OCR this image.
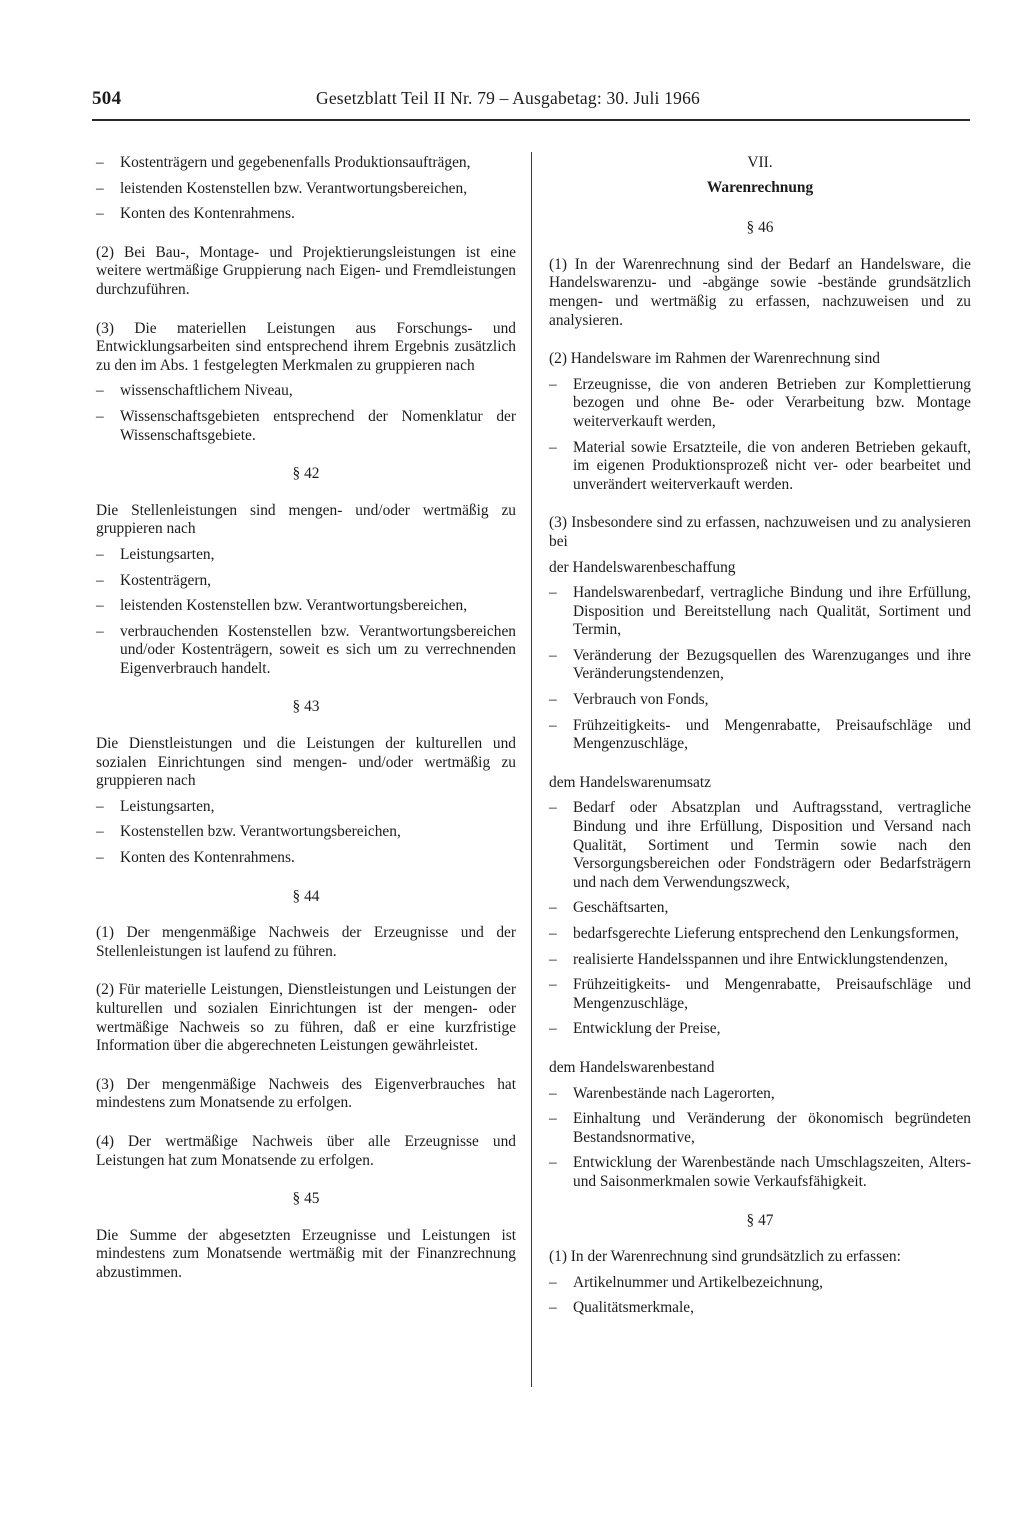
504	Gesetzblatt Teil II Nr. 79 – Ausgabetag: 30. Juli 1966

– Kostenträgern und gegebenenfalls Produktionsaufträgen,

– leistenden Kostenstellen bzw. Verantwortungsbereichen,

– Konten des Kontenrahmens.

(2) Bei Bau-, Montage- und Projektierungsleistungen ist eine weitere wertmäßige Gruppierung nach Eigen- und Fremdleistungen durchzuführen.

(3) Die materiellen Leistungen aus Forschungs- und Entwicklungsarbeiten sind entsprechend ihrem Ergebnis zusätzlich zu den im Abs. 1 festgelegten Merkmalen zu gruppieren nach

– wissenschaftlichem Niveau,

– Wissenschaftsgebieten entsprechend der Nomenklatur der Wissenschaftsgebiete.

§ 42

Die Stellenleistungen sind mengen- und/oder wertmäßig zu gruppieren nach

– Leistungsarten,

– Kostenträgern,

– leistenden Kostenstellen bzw. Verantwortungsbereichen,

– verbrauchenden Kostenstellen bzw. Verantwortungsbereichen und/oder Kostenträgern, soweit es sich um zu verrechnenden Eigenverbrauch handelt.

§ 43

Die Dienstleistungen und die Leistungen der kulturellen und sozialen Einrichtungen sind mengen- und/oder wertmäßig zu gruppieren nach

– Leistungsarten,

– Kostenstellen bzw. Verantwortungsbereichen,

– Konten des Kontenrahmens.

§ 44

(1) Der mengenmäßige Nachweis der Erzeugnisse und der Stellenleistungen ist laufend zu führen.

(2) Für materielle Leistungen, Dienstleistungen und Leistungen der kulturellen und sozialen Einrichtungen ist der mengen- oder wertmäßige Nachweis so zu führen, daß er eine kurzfristige Information über die abgerechneten Leistungen gewährleistet.

(3) Der mengenmäßige Nachweis des Eigenverbrauches hat mindestens zum Monatsende zu erfolgen.

(4) Der wertmäßige Nachweis über alle Erzeugnisse und Leistungen hat zum Monatsende zu erfolgen.

§ 45

Die Summe der abgesetzten Erzeugnisse und Leistungen ist mindestens zum Monatsende wertmäßig mit der Finanzrechnung abzustimmen.

VII.

Warenrechnung

§ 46

(1) In der Warenrechnung sind der Bedarf an Handelsware, die Handelswarenzu- und -abgänge sowie -bestände grundsätzlich mengen- und wertmäßig zu erfassen, nachzuweisen und zu analysieren.

(2) Handelsware im Rahmen der Warenrechnung sind

– Erzeugnisse, die von anderen Betrieben zur Komplettierung bezogen und ohne Be- oder Verarbeitung bzw. Montage weiterverkauft werden,

– Material sowie Ersatzteile, die von anderen Betrieben gekauft, im eigenen Produktionsprozeß nicht ver- oder bearbeitet und unverändert weiterverkauft werden.

(3) Insbesondere sind zu erfassen, nachzuweisen und zu analysieren bei

der Handelswarenbeschaffung

– Handelswarenbedarf, vertragliche Bindung und ihre Erfüllung, Disposition und Bereitstellung nach Qualität, Sortiment und Termin,

– Veränderung der Bezugsquellen des Warenzuganges und ihre Veränderungstendenzen,

– Verbrauch von Fonds,

– Frühzeitigkeits- und Mengenrabatte, Preisaufschläge und Mengenzuschläge,

dem Handelswarenumsatz

– Bedarf oder Absatzplan und Auftragsstand, vertragliche Bindung und ihre Erfüllung, Disposition und Versand nach Qualität, Sortiment und Termin sowie nach den Versorgungsbereichen oder Fondsträgern oder Bedarfsträgern und nach dem Verwendungszweck,

– Geschäftsarten,

– bedarfsgerechte Lieferung entsprechend den Lenkungsformen,

– realisierte Handelsspannen und ihre Entwicklungstendenzen,

– Frühzeitigkeits- und Mengenrabatte, Preisaufschläge und Mengenzuschläge,

– Entwicklung der Preise,

dem Handelswarenbestand

– Warenbestände nach Lagerorten,

– Einhaltung und Veränderung der ökonomisch begründeten Bestandsnormative,

– Entwicklung der Warenbestände nach Umschlagszeiten, Alters- und Saisonmerkmalen sowie Verkaufsfähigkeit.

§ 47

(1) In der Warenrechnung sind grundsätzlich zu erfassen:

– Artikelnummer und Artikelbezeichnung,

– Qualitätsmerkmale,
